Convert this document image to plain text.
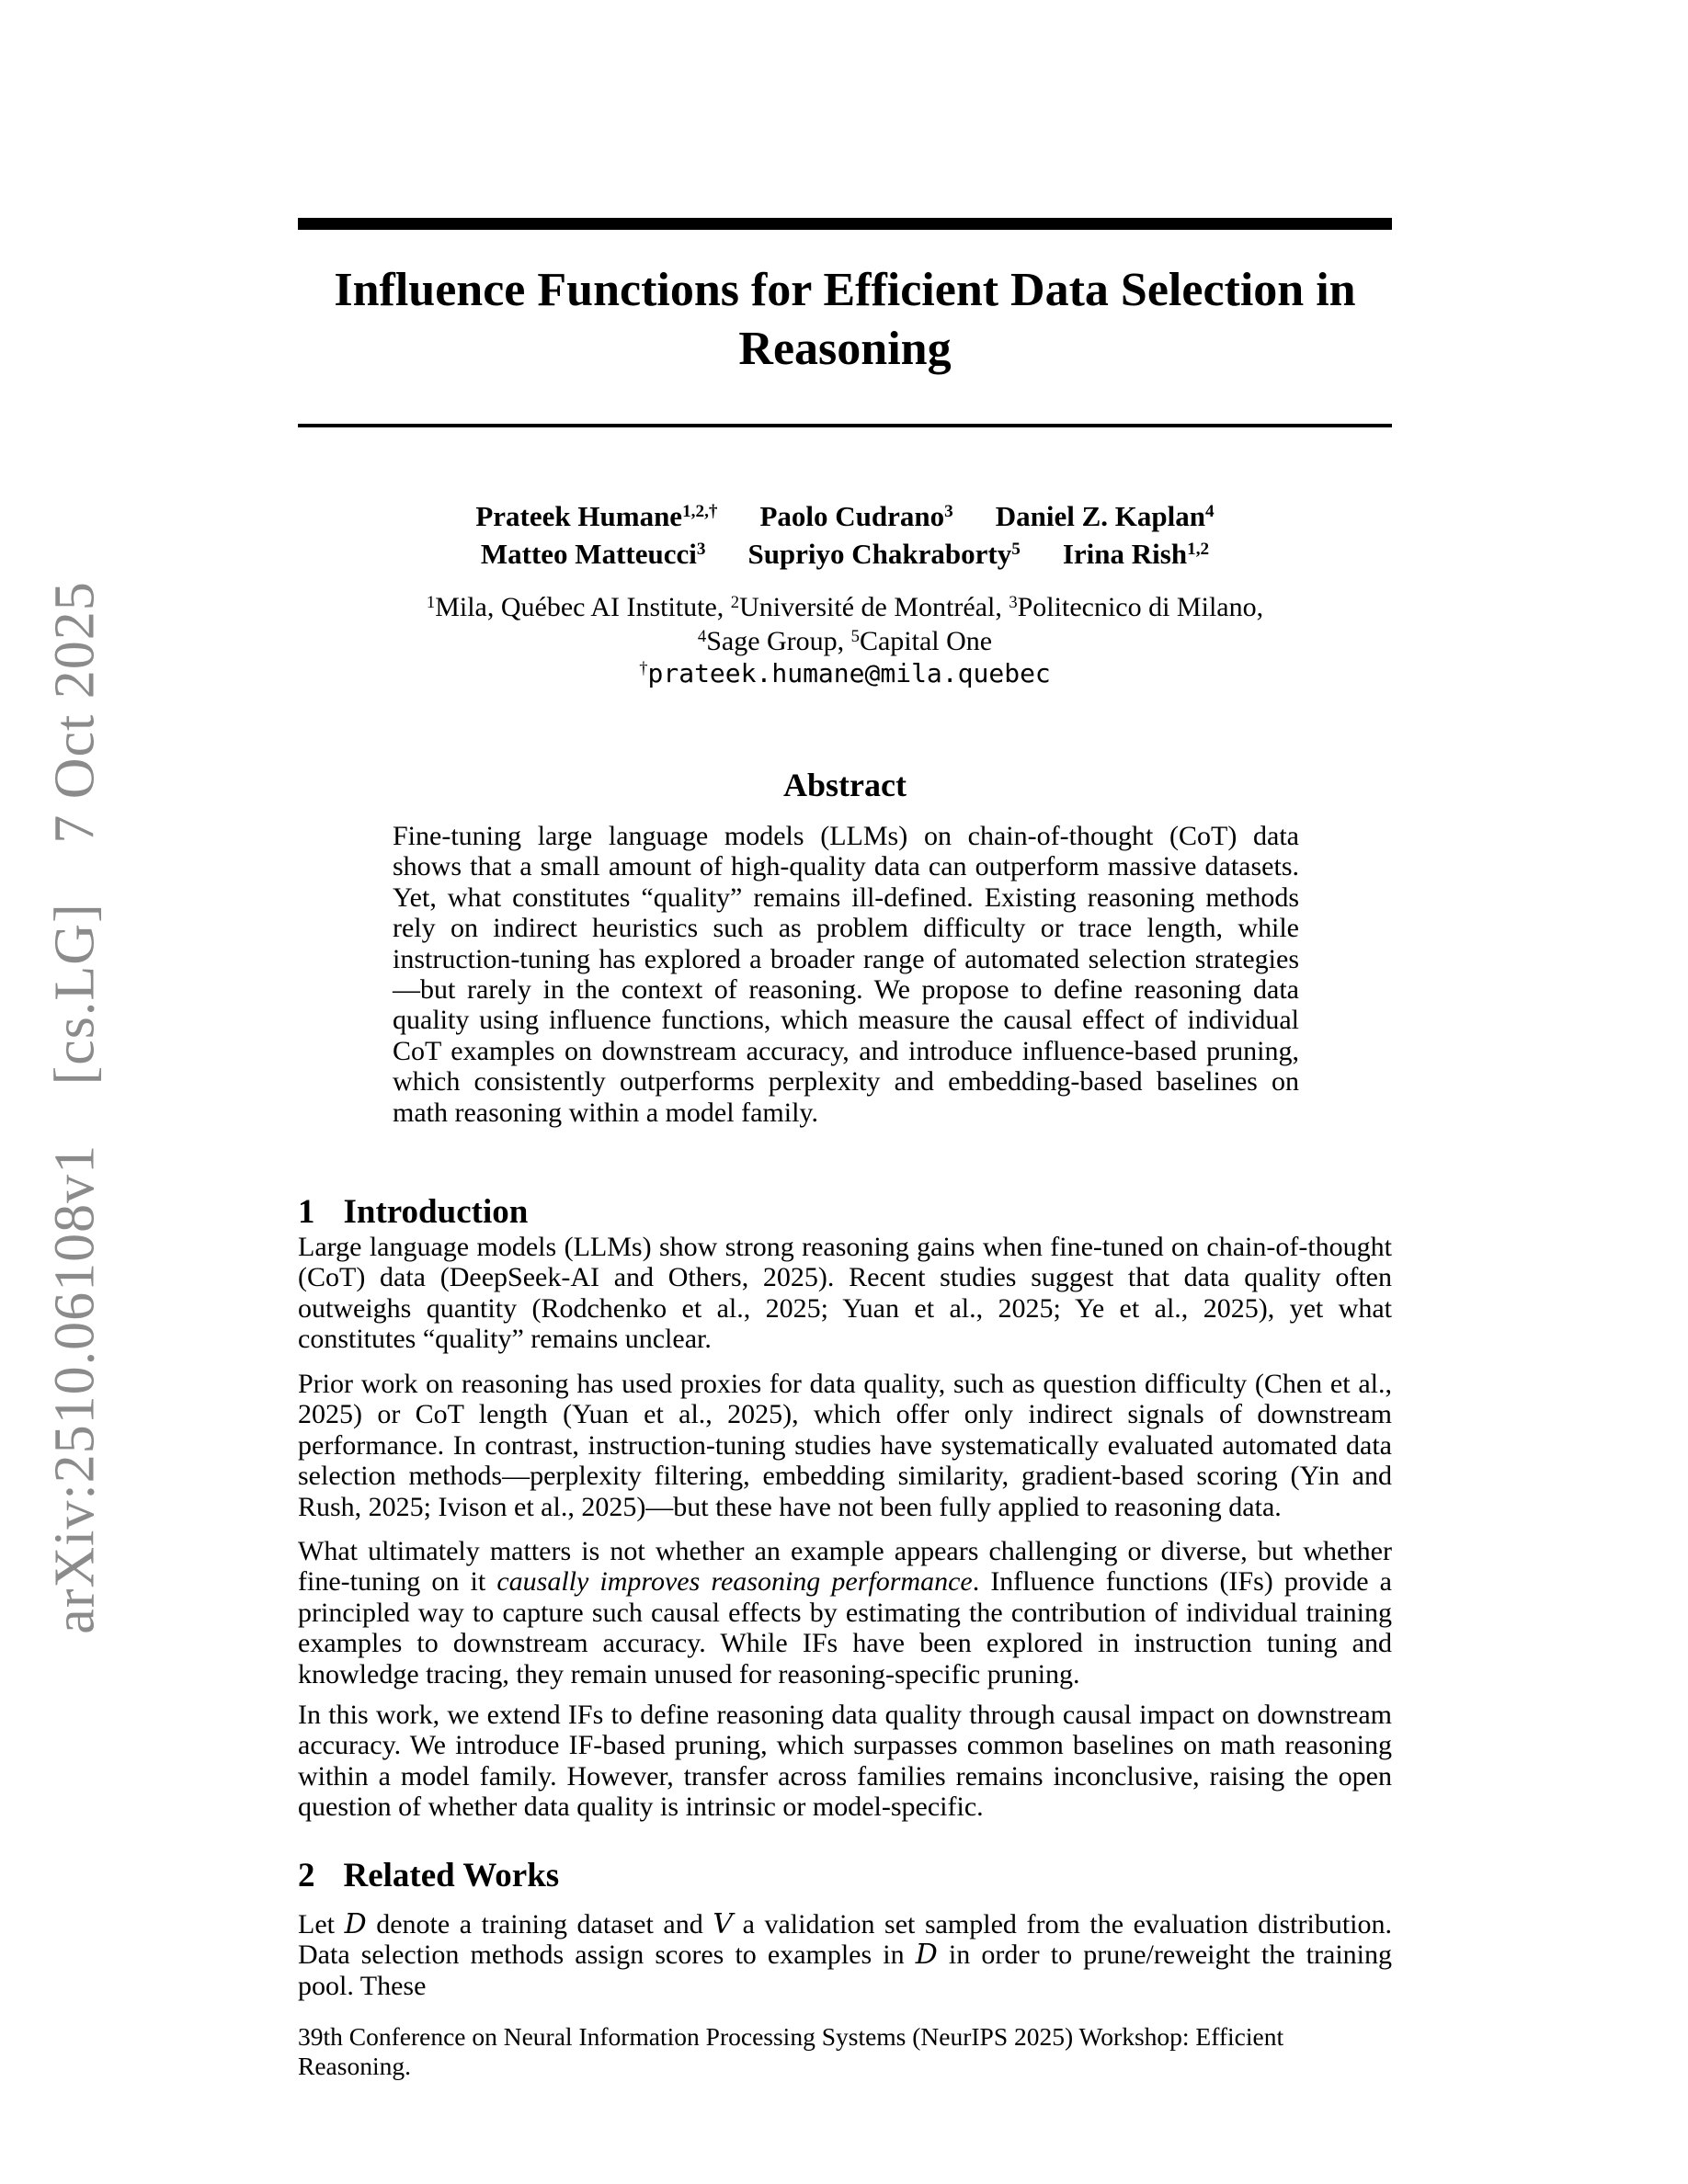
arXiv:2510.06108v1 [cs.LG] 7 Oct 2025
Influence Functions for Efficient Data Selection in Reasoning
Prateek Humane$^{1,2,\dagger}$ Paolo Cudrano$^3$ Daniel Z. Kaplan$^4$
Matteo Matteucci$^3$ Supriyo Chakraborty$^5$ Irina Rish$^{1,2}$
$^1$Mila, Québec AI Institute, $^2$Université de Montréal, $^3$Politecnico di Milano,
$^4$Sage Group, $^5$Capital One
†prateek.humane@mila.quebec
Abstract
Fine-tuning large language models (LLMs) on chain-of-thought (CoT) data shows that a small amount of high-quality data can outperform massive datasets. Yet, what constitutes “quality” remains ill-defined. Existing reasoning methods rely on indirect heuristics such as problem difficulty or trace length, while instruction-tuning has explored a broader range of automated selection strategies—but rarely in the context of reasoning. We propose to define reasoning data quality using influence functions, which measure the causal effect of individual CoT examples on downstream accuracy, and introduce influence-based pruning, which consistently outperforms perplexity and embedding-based baselines on math reasoning within a model family.
1 Introduction
Large language models (LLMs) show strong reasoning gains when fine-tuned on chain-of-thought (CoT) data (DeepSeek-AI and Others, 2025). Recent studies suggest that data quality often outweighs quantity (Rodchenko et al., 2025; Yuan et al., 2025; Ye et al., 2025), yet what constitutes “quality” remains unclear.
Prior work on reasoning has used proxies for data quality, such as question difficulty (Chen et al., 2025) or CoT length (Yuan et al., 2025), which offer only indirect signals of downstream performance. In contrast, instruction-tuning studies have systematically evaluated automated data selection methods—perplexity filtering, embedding similarity, gradient-based scoring (Yin and Rush, 2025; Ivison et al., 2025)—but these have not been fully applied to reasoning data.
What ultimately matters is not whether an example appears challenging or diverse, but whether fine-tuning on it causally improves reasoning performance. Influence functions (IFs) provide a principled way to capture such causal effects by estimating the contribution of individual training examples to downstream accuracy. While IFs have been explored in instruction tuning and knowledge tracing, they remain unused for reasoning-specific pruning.
In this work, we extend IFs to define reasoning data quality through causal impact on downstream accuracy. We introduce IF-based pruning, which surpasses common baselines on math reasoning within a model family. However, transfer across families remains inconclusive, raising the open question of whether data quality is intrinsic or model-specific.
2 Related Works
Let D denote a training dataset and V a validation set sampled from the evaluation distribution. Data selection methods assign scores to examples in D in order to prune/reweight the training pool. These
39th Conference on Neural Information Processing Systems (NeurIPS 2025) Workshop: Efficient Reasoning.
